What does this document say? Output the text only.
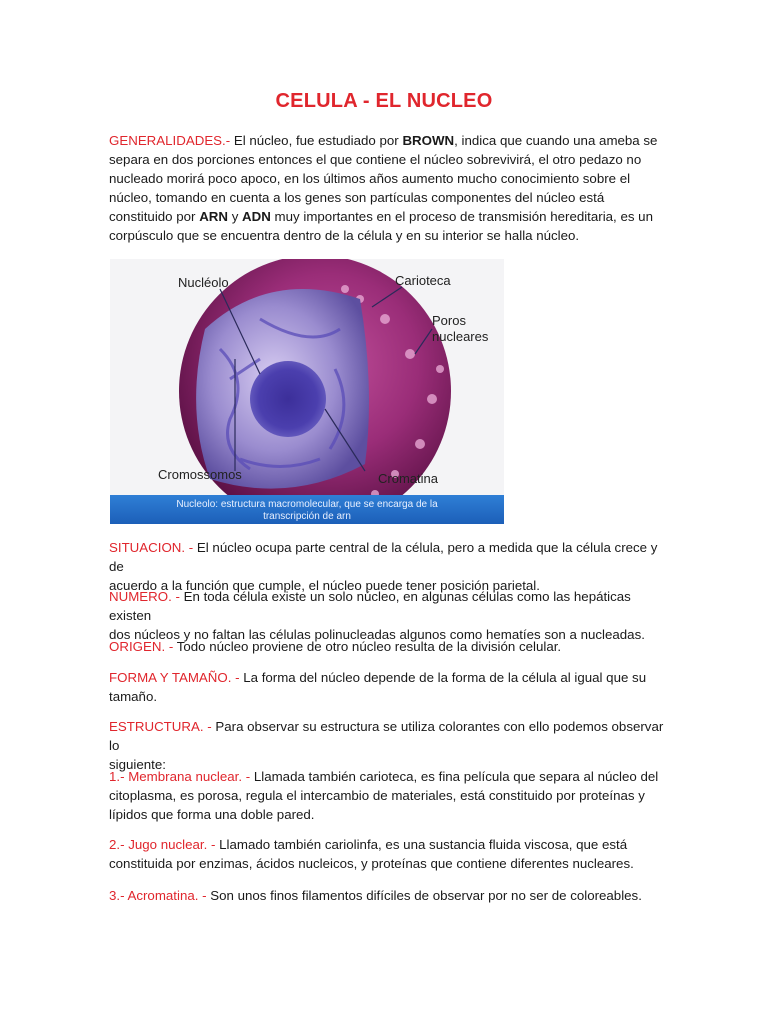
CELULA - EL NUCLEO

GENERALIDADES.- El núcleo, fue estudiado por BROWN, indica que cuando una ameba se
separa en dos porciones entonces el que contiene el núcleo sobrevivirá, el otro pedazo no
nucleado morirá poco apoco, en los últimos años aumento mucho conocimiento sobre el
núcleo, tomando en cuenta a los genes son partículas componentes del núcleo está
constituido por ARN y ADN muy importantes en el proceso de transmisión hereditaria, es un
corpúsculo que se encuentra dentro de la célula y en su interior se halla núcleo.

Nucléolo	Carioteca
Poros
nucleares
Cromossomos	Cromatina
Nucleolo: estructura macromolecular, que se encarga de la
transcripción de arn

SITUACION. - El núcleo ocupa parte central de la célula, pero a medida que la célula crece y de
acuerdo a la función que cumple, el núcleo puede tener posición parietal.

NUMERO. - En toda célula existe un solo núcleo, en algunas células como las hepáticas existen
dos núcleos y no faltan las células polinucleadas algunos como hematíes son a nucleadas.

ORIGEN. - Todo núcleo proviene de otro núcleo resulta de la división celular.

FORMA Y TAMAÑO. - La forma del núcleo depende de la forma de la célula al igual que su
tamaño.

ESTRUCTURA. - Para observar su estructura se utiliza colorantes con ello podemos observar lo
siguiente:

1.- Membrana nuclear. - Llamada también carioteca, es fina película que separa al núcleo del
citoplasma, es porosa, regula el intercambio de materiales, está constituido por proteínas y
lípidos que forma una doble pared.

2.- Jugo nuclear. - Llamado también cariolinfa, es una sustancia fluida viscosa, que está
constituida por enzimas, ácidos nucleicos, y proteínas que contiene diferentes nucleares.

3.- Acromatina. - Son unos finos filamentos difíciles de observar por no ser de coloreables.
